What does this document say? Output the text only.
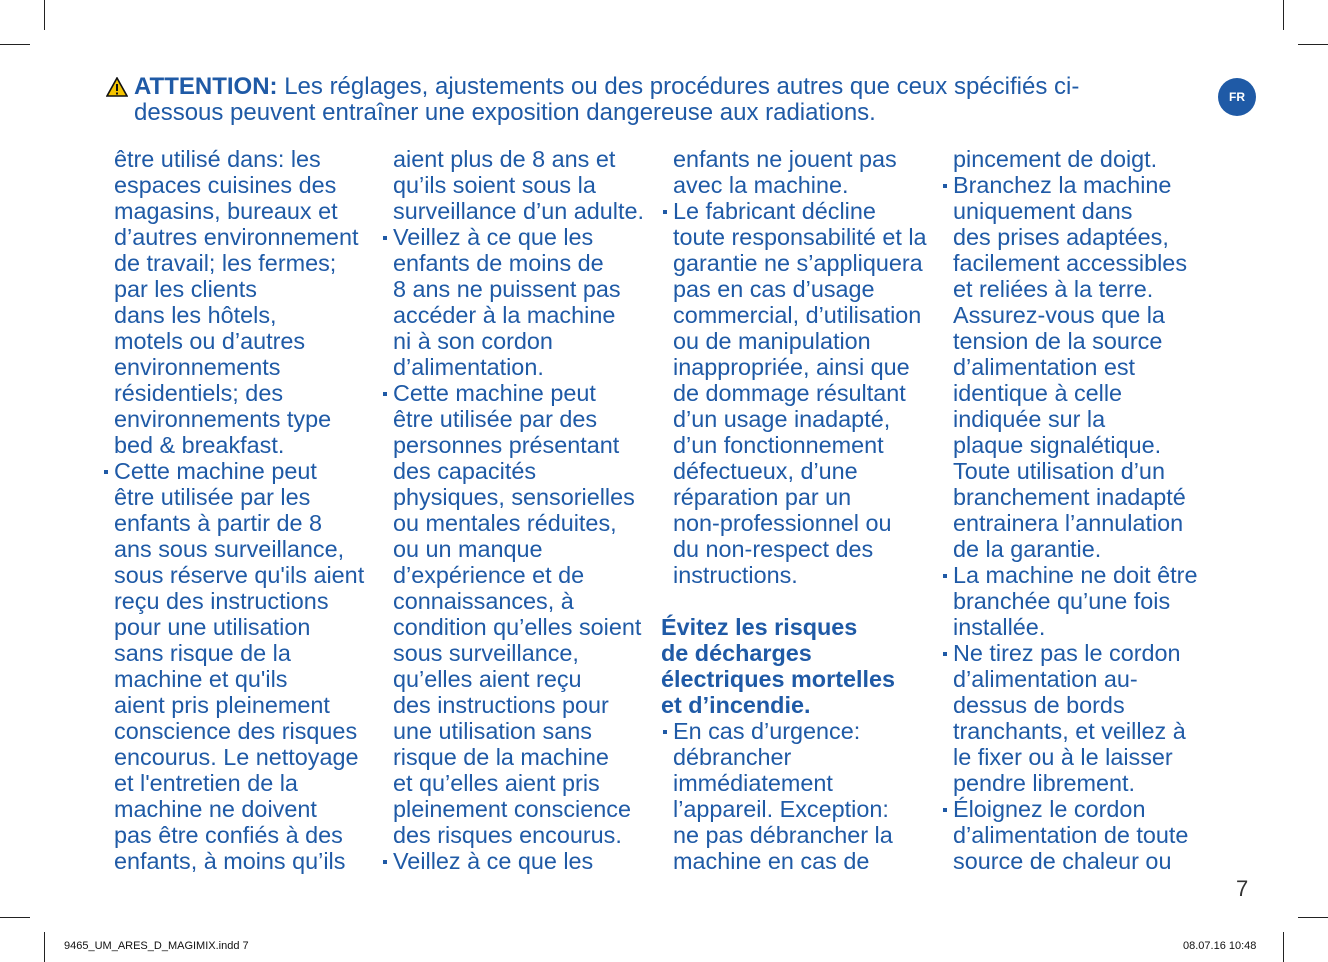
ATTENTION: Les réglages, ajustements ou des procédures autres que ceux spécifiés ci-dessous peuvent entraîner une exposition dangereuse aux radiations.
FR

être utilisé dans: les

espaces cuisines des

magasins, bureaux et

d’autres environnement

de travail; les fermes;

par les clients

dans les hôtels,

motels ou d’autres

environnements

résidentiels; des

environnements type

bed & breakfast.

Cette machine peut

être utilisée par les

enfants à partir de 8

ans sous surveillance,

sous réserve qu'ils aient

reçu des instructions

pour une utilisation

sans risque de la

machine et qu'ils

aient pris pleinement

conscience des risques

encourus. Le nettoyage

et l'entretien de la

machine ne doivent

pas être confiés à des

enfants, à moins qu’ils

aient plus de 8 ans et

qu’ils soient sous la

surveillance d’un adulte.

Veillez à ce que les

enfants de moins de

8 ans ne puissent pas

accéder à la machine

ni à son cordon

d’alimentation.

Cette machine peut

être utilisée par des

personnes présentant

des capacités

physiques, sensorielles

ou mentales réduites,

ou un manque

d’expérience et de

connaissances, à

condition qu’elles soient

sous surveillance,

qu’elles aient reçu

des instructions pour

une utilisation sans

risque de la machine

et qu’elles aient pris

pleinement conscience

des risques encourus.

Veillez à ce que les

enfants ne jouent pas

avec la machine.

Le fabricant décline

toute responsabilité et la

garantie ne s’appliquera

pas en cas d’usage

commercial, d’utilisation

ou de manipulation

inappropriée, ainsi que

de dommage résultant

d’un usage inadapté,

d’un fonctionnement

défectueux, d’une

réparation par un

non-professionnel ou

du non-respect des

instructions.

Évitez les risques
de décharges
électriques mortelles
et d’incendie.

En cas d’urgence:

débrancher

immédiatement

l’appareil. Exception:

ne pas débrancher la

machine en cas de

pincement de doigt.

Branchez la machine

uniquement dans

des prises adaptées,

facilement accessibles

et reliées à la terre.

Assurez-vous que la

tension de la source

d’alimentation est

identique à celle

indiquée sur la

plaque signalétique.

Toute utilisation d’un

branchement inadapté

entrainera l’annulation

de la garantie.

La machine ne doit être

branchée qu’une fois

installée.

Ne tirez pas le cordon

d’alimentation au-

dessus de bords

tranchants, et veillez à

le fixer ou à le laisser

pendre librement.

Éloignez le cordon

d’alimentation de toute

source de chaleur ou

7
9465_UM_ARES_D_MAGIMIX.indd 7	08.07.16 10:48
